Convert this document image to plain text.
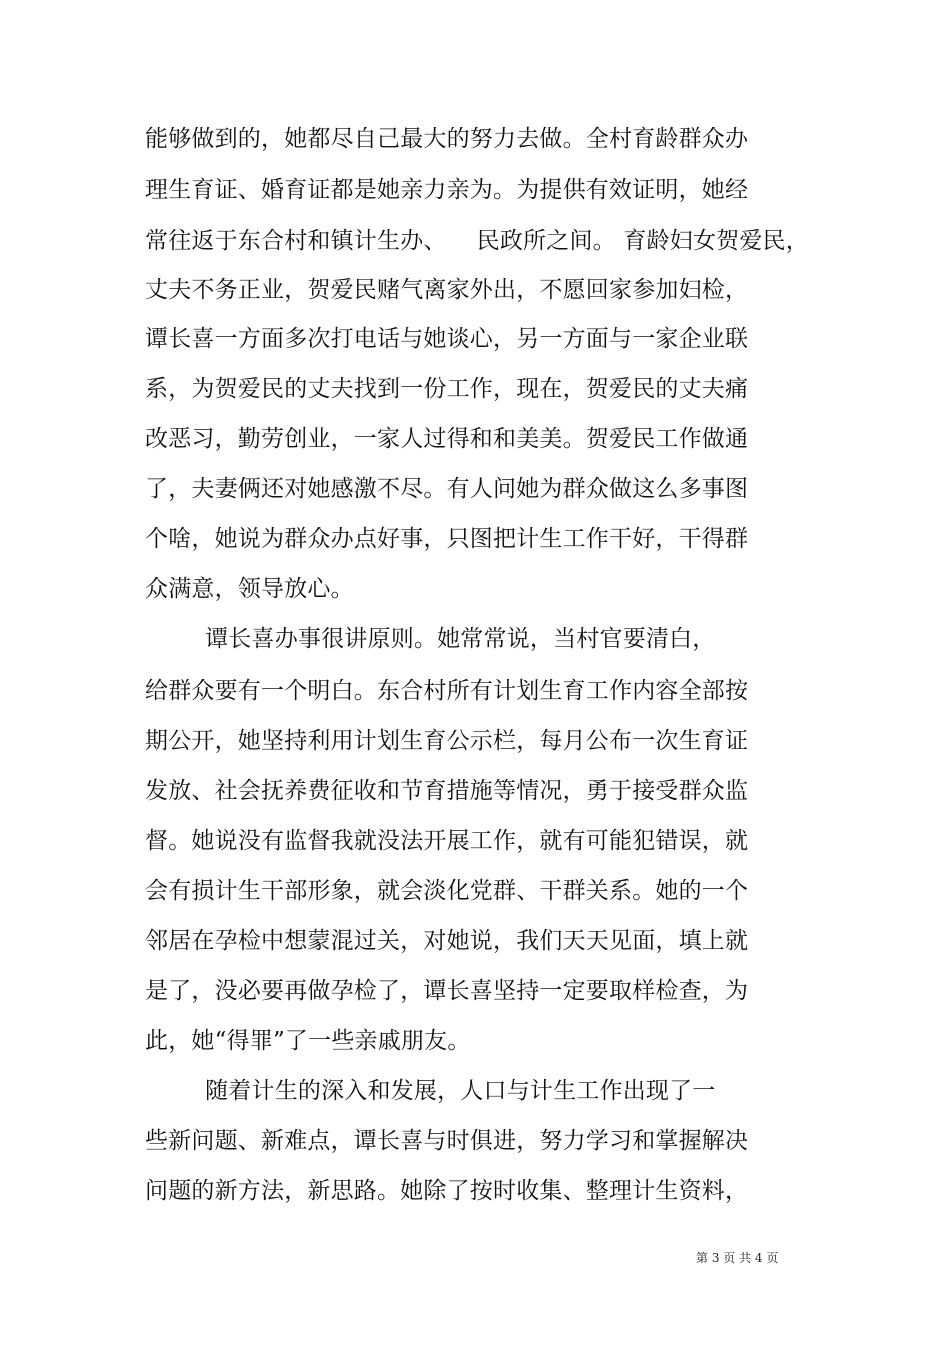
能够做到的，她都尽自己最大的努力去做。全村育龄群众办
理生育证、婚育证都是她亲力亲为。为提供有效证明，她经
常往返于东合村和镇计生办、    民政所之间。 育龄妇女贺爱民，
丈夫不务正业，贺爱民赌气离家外出，不愿回家参加妇检，
谭长喜一方面多次打电话与她谈心，另一方面与一家企业联
系，为贺爱民的丈夫找到一份工作，现在，贺爱民的丈夫痛
改恶习，勤劳创业，一家人过得和和美美。贺爱民工作做通
了，夫妻俩还对她感激不尽。有人问她为群众做这么多事图
个啥，她说为群众办点好事，只图把计生工作干好，干得群
众满意，领导放心。
谭长喜办事很讲原则。她常常说，当村官要清白，
给群众要有一个明白。东合村所有计划生育工作内容全部按
期公开，她坚持利用计划生育公示栏，每月公布一次生育证
发放、社会抚养费征收和节育措施等情况，勇于接受群众监
督。她说没有监督我就没法开展工作，就有可能犯错误，就
会有损计生干部形象，就会淡化党群、干群关系。她的一个
邻居在孕检中想蒙混过关，对她说，我们天天见面，填上就
是了，没必要再做孕检了，谭长喜坚持一定要取样检查，为
此，她“得罪”了一些亲戚朋友。
随着计生的深入和发展，人口与计生工作出现了一
些新问题、新难点，谭长喜与时俱进，努力学习和掌握解决
问题的新方法，新思路。她除了按时收集、整理计生资料，
第 3 页 共 4 页
